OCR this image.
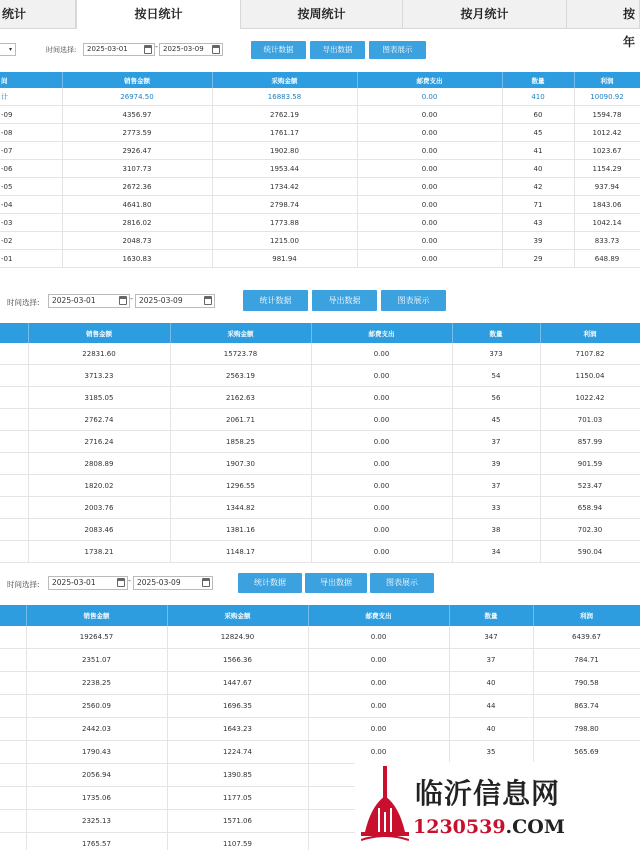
统计	按日统计	按周统计	按月统计	按年
▾	时间选择:	2025-03-01	- 2025-03-09	统计数据	导出数据	图表展示
间	销售金额	采购金额	邮费支出	数量	利润
计	26974.50	16883.58	0.00	410	10090.92
-09	4356.97	2762.19	0.00	60	1594.78
-08	2773.59	1761.17	0.00	45	1012.42
-07	2926.47	1902.80	0.00	41	1023.67
-06	3107.73	1953.44	0.00	40	1154.29
-05	2672.36	1734.42	0.00	42	937.94
-04	4641.80	2798.74	0.00	71	1843.06
-03	2816.02	1773.88	0.00	43	1042.14
-02	2048.73	1215.00	0.00	39	833.73
-01	1630.83	981.94	0.00	29	648.89
时间选择:	2025-03-01	- 2025-03-09	统计数据	导出数据	图表展示
	销售金额	采购金额	邮费支出	数量	利润
	22831.60	15723.78	0.00	373	7107.82
	3713.23	2563.19	0.00	54	1150.04
	3185.05	2162.63	0.00	56	1022.42
	2762.74	2061.71	0.00	45	701.03
	2716.24	1858.25	0.00	37	857.99
	2808.89	1907.30	0.00	39	901.59
	1820.02	1296.55	0.00	37	523.47
	2003.76	1344.82	0.00	33	658.94
	2083.46	1381.16	0.00	38	702.30
	1738.21	1148.17	0.00	34	590.04
时间选择:	2025-03-01	- 2025-03-09	统计数据	导出数据	图表展示
	销售金额	采购金额	邮费支出	数量	利润
	19264.57	12824.90	0.00	347	6439.67
	2351.07	1566.36	0.00	37	784.71
	2238.25	1447.67	0.00	40	790.58
	2560.09	1696.35	0.00	44	863.74
	2442.03	1643.23	0.00	40	798.80
	1790.43	1224.74	0.00	35	565.69
	2056.94	1390.85			
	1735.06	1177.05			
	2325.13	1571.06			
	1765.57	1107.59			
临沂信息网
1230539.COM
